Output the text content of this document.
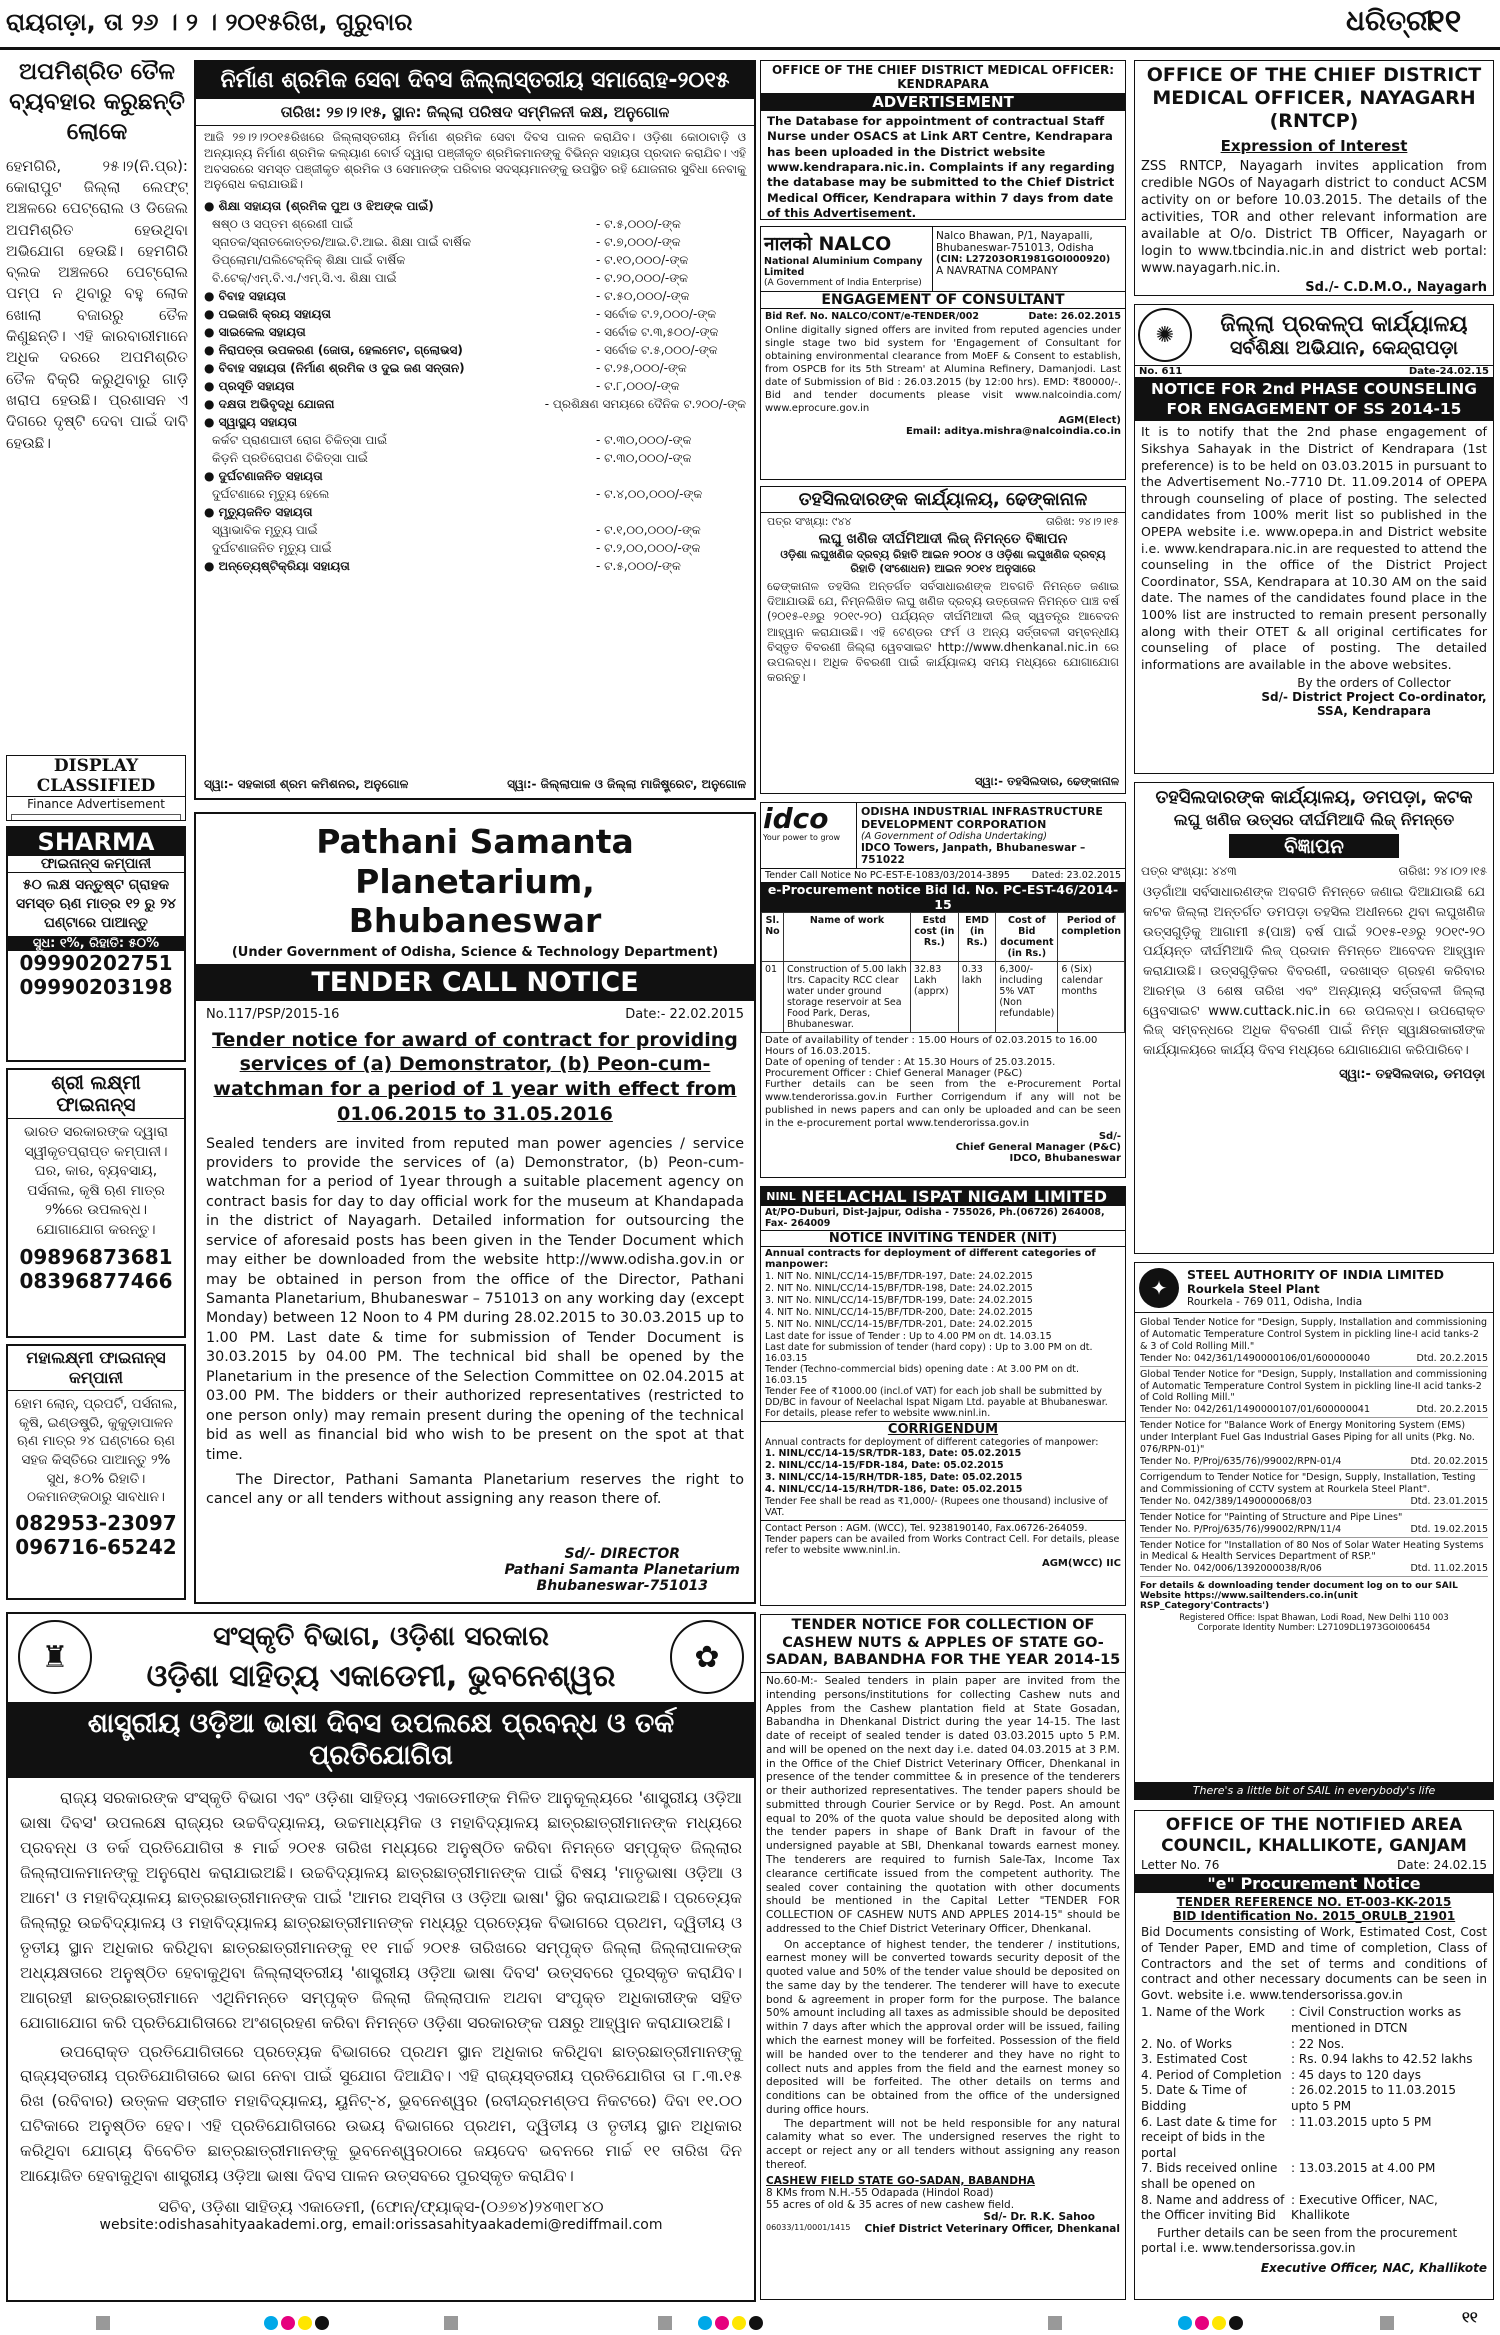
ରାୟଗଡ଼ା, ତା ୨୬ । ୨ । ୨୦୧୫ରିଖ, ଗୁରୁବାର	ଧରିତ୍ରୀ
୧୧
ଅପମିଶ୍ରିତ ତୈଳ ବ୍ୟବହାର କରୁଛନ୍ତି ଲୋକେ
ହେମଗିରି, ୨୫।୨(ନି.ପ୍ର): କୋରାପୁଟ ଜିଲ୍ଲା ଲେଫ୍ଟ୍ ଅଞ୍ଚଳରେ ପେଟ୍ରୋଲ ଓ ଡିଜେଲ ଅପମିଶ୍ରିତ ହେଉଥିବା ଅଭିଯୋଗ ହେଉଛି। ହେମଗିରି ବ୍ଲକ ଅଞ୍ଚଳରେ ପେଟ୍ରୋଲ ପମ୍ପ ନ ଥିବାରୁ ବହୁ ଲୋକ ଖୋଲା ବଜାରରୁ ତୈଳ କିଣୁଛନ୍ତି। ଏହି କାରବାରୀମାନେ ଅଧିକ ଦରରେ ଅପମିଶ୍ରିତ ତୈଳ ବିକ୍ରି କରୁଥିବାରୁ ଗାଡ଼ି ଖରାପ ହେଉଛି। ପ୍ରଶାସନ ଏ ଦିଗରେ ଦୃଷ୍ଟି ଦେବା ପାଇଁ ଦାବି ହେଉଛି।
DISPLAY CLASSIFIED
Finance Advertisement
SHARMA
ଫାଇନାନ୍ସ କମ୍ପାନୀ
୫୦ ଲକ୍ଷ ସନ୍ତୁଷ୍ଟ ଗ୍ରାହକ ସମସ୍ତ ଋଣ ମାତ୍ର ୧୨ ରୁ ୨୪ ଘଣ୍ଟାରେ ପାଆନ୍ତୁ
ସୁଧ: ୧%, ରିହାତି: ୫୦%
09990202751
09990203198
ଶ୍ରୀ ଲକ୍ଷ୍ମୀ ଫାଇନାନ୍ସ
ଭାରତ ସରକାରଙ୍କ ଦ୍ୱାରା ସ୍ୱୀକୃତପ୍ରାପ୍ତ କମ୍ପାନୀ। ଘର, କାର, ବ୍ୟବସାୟ, ପର୍ସନାଲ, କୃଷି ଋଣ ମାତ୍ର ୨%ରେ ଉପଲବ୍ଧ। ଯୋଗାଯୋଗ କରନ୍ତୁ।
09896873681
08396877466
ମହାଲକ୍ଷ୍ମୀ ଫାଇନାନ୍ସ କମ୍ପାନୀ
ହୋମ ଲୋନ୍, ପ୍ରପର୍ଟି, ପର୍ସନାଲ, କୃଷି, ଇଣ୍ଡଷ୍ଟ୍ରି, କୁକୁଡ଼ାପାଳନ ଋଣ ମାତ୍ର ୨୪ ଘଣ୍ଟାରେ ଋଣ ସହଜ କିସ୍ତିରେ ପାଆନ୍ତୁ ୨% ସୁଧ, ୫୦% ରିହାତି। ଠକମାନଙ୍କଠାରୁ ସାବଧାନ।
082953-23097
096716-65242
ନିର୍ମାଣ ଶ୍ରମିକ ସେବା ଦିବସ ଜିଲ୍ଲାସ୍ତରୀୟ ସମାରୋହ-୨୦୧୫
ତାରିଖ: ୨୭।୨।୧୫, ସ୍ଥାନ: ଜିଲ୍ଲା ପରିଷଦ ସମ୍ମିଳନୀ କକ୍ଷ, ଅନୁଗୋଳ
ଆଜି ୨୭।୨।୨୦୧୫ରିଖରେ ଜିଲ୍ଲାସ୍ତରୀୟ ନିର୍ମାଣ ଶ୍ରମିକ ସେବା ଦିବସ ପାଳନ କରାଯିବ। ଓଡ଼ିଶା କୋଠାବାଡ଼ି ଓ ଅନ୍ୟାନ୍ୟ ନିର୍ମାଣ ଶ୍ରମିକ କଲ୍ୟାଣ ବୋର୍ଡ ଦ୍ୱାରା ପଞ୍ଜୀକୃତ ଶ୍ରମିକମାନଙ୍କୁ ବିଭିନ୍ନ ସହାୟତା ପ୍ରଦାନ କରାଯିବ। ଏହି ଅବସରରେ ସମସ୍ତ ପଞ୍ଜୀକୃତ ଶ୍ରମିକ ଓ ସେମାନଙ୍କ ପରିବାର ସଦସ୍ୟମାନଙ୍କୁ ଉପସ୍ଥିତ ରହି ଯୋଜନାର ସୁବିଧା ନେବାକୁ ଅନୁରୋଧ କରାଯାଉଛି।
● ଶିକ୍ଷା ସହାୟତା (ଶ୍ରମିକ ପୁଅ ଓ ଝିଅଙ୍କ ପାଇଁ)
ଷଷ୍ଠ ଓ ସପ୍ତମ ଶ୍ରେଣୀ ପାଇଁ	- ଟ.୫,୦୦୦/-ଙ୍କ
ସ୍ନାତକ/ସ୍ନାତକୋତ୍ତର/ଆଇ.ଟି.ଆଇ. ଶିକ୍ଷା ପାଇଁ ବାର୍ଷିକ	- ଟ.୭,୦୦୦/-ଙ୍କ
ଡିପ୍ଲୋମା/ପଲିଟେକ୍ନିକ୍ ଶିକ୍ଷା ପାଇଁ ବାର୍ଷିକ	- ଟ.୧୦,୦୦୦/-ଙ୍କ
ବି.ଟେକ୍/ଏମ୍.ବି.ଏ./ଏମ୍.ସି.ଏ. ଶିକ୍ଷା ପାଇଁ	- ଟ.୨୦,୦୦୦/-ଙ୍କ
● ବିବାହ ସହାୟତା	- ଟ.୫୦,୦୦୦/-ଙ୍କ
● ପଇଜାରି କ୍ରୟ ସହାୟତା	- ସର୍ବୋଚ୍ଚ ଟ.୨,୦୦୦/-ଙ୍କ
● ସାଇକେଲ ସହାୟତା	- ସର୍ବୋଚ୍ଚ ଟ.୩,୫୦୦/-ଙ୍କ
● ନିରାପତ୍ତା ଉପକରଣ (ଜୋତା, ହେଲମେଟ, ଗ୍ଲୋଭସ)	- ସର୍ବୋଚ୍ଚ ଟ.୫,୦୦୦/-ଙ୍କ
● ବିବାହ ସହାୟତା (ନିର୍ମାଣ ଶ୍ରମିକ ଓ ଦୁଇ ଜଣ ସନ୍ତାନ)	- ଟ.୨୫,୦୦୦/-ଙ୍କ
● ପ୍ରସୂତି ସହାୟତା	- ଟ.୮,୦୦୦/-ଙ୍କ
● ଦକ୍ଷତା ଅଭିବୃଦ୍ଧି ଯୋଜନା	- ପ୍ରଶିକ୍ଷଣ ସମୟରେ ଦୈନିକ ଟ.୨୦୦/-ଙ୍କ
● ସ୍ୱାସ୍ଥ୍ୟ ସହାୟତା
କର୍କଟ ପ୍ରାଣଘାତୀ ରୋଗ ଚିକିତ୍ସା ପାଇଁ	- ଟ.୩୦,୦୦୦/-ଙ୍କ
କିଡ଼ନି ପ୍ରତିରୋପଣ ଚିକିତ୍ସା ପାଇଁ	- ଟ.୩୦,୦୦୦/-ଙ୍କ
● ଦୁର୍ଘଟଣାଜନିତ ସହାୟତା
ଦୁର୍ଘଟଣାରେ ମୃତ୍ୟୁ ହେଲେ	- ଟ.୪,୦୦,୦୦୦/-ଙ୍କ
● ମୃତ୍ୟୁଜନିତ ସହାୟତା
ସ୍ୱାଭାବିକ ମୃତ୍ୟୁ ପାଇଁ	- ଟ.୧,୦୦,୦୦୦/-ଙ୍କ
ଦୁର୍ଘଟଣାଜନିତ ମୃତ୍ୟୁ ପାଇଁ	- ଟ.୨,୦୦,୦୦୦/-ଙ୍କ
● ଅନ୍ତ୍ୟେଷ୍ଟିକ୍ରିୟା ସହାୟତା	- ଟ.୫,୦୦୦/-ଙ୍କ
ସ୍ୱା:- ସହକାରୀ ଶ୍ରମ କମିଶନର, ଅନୁଗୋଳ	ସ୍ୱା:- ଜିଲ୍ଲାପାଳ ଓ ଜିଲ୍ଲା ମାଜିଷ୍ଟ୍ରେଟ, ଅନୁଗୋଳ
Pathani Samanta Planetarium,
Bhubaneswar
(Under Government of Odisha, Science & Technology Department)
TENDER CALL NOTICE
No.117/PSP/2015-16	Date:- 22.02.2015
Tender notice for award of contract for providing services of (a) Demonstrator, (b) Peon-cum-watchman for a period of 1 year with effect from 01.06.2015 to 31.05.2016
Sealed tenders are invited from reputed man power agencies / service providers to provide the services of (a) Demonstrator, (b) Peon-cum-watchman for a period of 1year through a suitable placement agency on contract basis for day to day official work for the museum at Khandapada in the district of Nayagarh. Detailed information for outsourcing the service of aforesaid posts has been given in the Tender Document which may either be downloaded from the website http://www.odisha.gov.in or may be obtained in person from the office of the Director, Pathani Samanta Planetarium, Bhubaneswar – 751013 on any working day (except Monday) between 12 Noon to 4 PM during 28.02.2015 to 30.03.2015 up to 1.00 PM. Last date & time for submission of Tender Document is 30.03.2015 by 04.00 PM. The technical bid shall be opened by the Planetarium in the presence of the Selection Committee on 02.04.2015 at 03.00 PM. The bidders or their authorized representatives (restricted to one person only) may remain present during the opening of the technical bid as well as financial bid who wish to be present on the spot at that time.
The Director, Pathani Samanta Planetarium reserves the right to cancel any or all tenders without assigning any reason there of.
Sd/- DIRECTOR
Pathani Samanta Planetarium
Bhubaneswar-751013
OFFICE OF THE CHIEF DISTRICT MEDICAL OFFICER: KENDRAPARA
ADVERTISEMENT
The Database for appointment of contractual Staff Nurse under OSACS at Link ART Centre, Kendrapara has been uploaded in the District website www.kendrapara.nic.in. Complaints if any regarding the database may be submitted to the Chief District Medical Officer, Kendrapara within 7 days from date of this Advertisement.
नालको NALCO
National Aluminium Company Limited
(A Government of India Enterprise)
Nalco Bhawan, P/1, Nayapalli, Bhubaneswar-751013, Odisha
(CIN: L27203OR1981GOI000920)
A NAVRATNA COMPANY
ENGAGEMENT OF CONSULTANT
Bid Ref. No. NALCO/CONT/e-TENDER/002	Date: 26.02.2015
Online digitally signed offers are invited from reputed agencies under single stage two bid system for 'Engagement of Consultant for obtaining environmental clearance from MoEF & Consent to establish, from OSPCB for its 5th Stream' at Alumina Refinery, Damanjodi. Last date of Submission of Bid : 26.03.2015 (by 12:00 hrs). EMD: ₹80000/-. Bid and tender documents please visit www.nalcoindia.com/ www.eprocure.gov.in
AGM(Elect)
Email: aditya.mishra@nalcoindia.co.in
ତହସିଲଦାରଙ୍କ କାର୍ଯ୍ୟାଳୟ, ଢେଙ୍କାନାଳ
ପତ୍ର ସଂଖ୍ୟା: ୯୪୪	ତାରିଖ: ୨୪।୨।୧୫
ଲଘୁ ଖଣିଜ ଦୀର୍ଘମିଆଦୀ ଲିଜ୍ ନିମନ୍ତେ ବିଜ୍ଞାପନ
ଓଡ଼ିଶା ଲଘୁଖଣିଜ ଦ୍ରବ୍ୟ ରିହାତି ଆଇନ ୨୦୦୪ ଓ ଓଡ଼ିଶା ଲଘୁଖଣିଜ ଦ୍ରବ୍ୟ ରିହାତି (ସଂଶୋଧନ) ଆଇନ ୨୦୧୪ ଅନୁସାରେ
ଢେଙ୍କାନାଳ ତହସିଲ ଅନ୍ତର୍ଗତ ସର୍ବସାଧାରଣଙ୍କ ଅବଗତି ନିମନ୍ତେ ଜଣାଇ ଦିଆଯାଉଛି ଯେ, ନିମ୍ନଲିଖିତ ଲଘୁ ଖଣିଜ ଦ୍ରବ୍ୟ ଉତ୍ତୋଳନ ନିମନ୍ତେ ପାଞ୍ଚ ବର୍ଷ (୨୦୧୫-୧୬ରୁ ୨୦୧୯-୨୦) ପର୍ଯ୍ୟନ୍ତ ଦୀର୍ଘମିଆଦୀ ଲିଜ୍ ସ୍ୱତନ୍ତ୍ର ଆବେଦନ ଆହ୍ୱାନ କରାଯାଉଛି। ଏହି ଟେଣ୍ଡର ଫର୍ମ ଓ ଅନ୍ୟ ସର୍ତ୍ତାବଳୀ ସମ୍ବନ୍ଧୀୟ ବିସ୍ତୃତ ବିବରଣୀ ଜିଲ୍ଲା ୱେବସାଇଟ http://www.dhenkanal.nic.in ରେ ଉପଲବ୍ଧ। ଅଧିକ ବିବରଣୀ ପାଇଁ କାର୍ଯ୍ୟାଳୟ ସମୟ ମଧ୍ୟରେ ଯୋଗାଯୋଗ କରନ୍ତୁ।
ସ୍ୱା:- ତହସିଲଦାର, ଢେଙ୍କାନାଳ
idco
Your power to grow
ODISHA INDUSTRIAL INFRASTRUCTURE DEVELOPMENT CORPORATION
(A Government of Odisha Undertaking)
IDCO Towers, Janpath, Bhubaneswar – 751022
Tender Call Notice No PC-EST-E-1083/03/2014-3895 Dated: 23.02.2015
e-Procurement notice Bid Id. No. PC-EST-46/2014-15
Sl. No	Name of work	Estd cost (in Rs.)	EMD (in Rs.)	Cost of Bid document (in Rs.)	Period of completion
01	Construction of 5.00 lakh ltrs. Capacity RCC clear water under ground storage reservoir at Sea Food Park, Deras, Bhubaneswar.	32.83 Lakh (apprx)	0.33 lakh	6,300/- including 5% VAT (Non refundable)	6 (Six) calendar months
Date of availability of tender : 15.00 Hours of 02.03.2015 to 16.00 Hours of 16.03.2015.
Date of opening of tender : At 15.30 Hours of 25.03.2015.
Procurement Officer : Chief General Manager (P&C)
Further details can be seen from the e-Procurement Portal www.tenderorissa.gov.in Further Corrigendum if any will not be published in news papers and can only be uploaded and can be seen in the e-procurement portal www.tenderorissa.gov.in
Sd/-
Chief General Manager (P&C)
IDCO, Bhubaneswar
NINL NEELACHAL ISPAT NIGAM LIMITED
At/PO-Duburi, Dist-Jajpur, Odisha - 755026, Ph.(06726) 264008, Fax- 264009
NOTICE INVITING TENDER (NIT)
Annual contracts for deployment of different categories of manpower:
1. NIT No. NINL/CC/14-15/BF/TDR-197, Date: 24.02.2015
2. NIT No. NINL/CC/14-15/BF/TDR-198, Date: 24.02.2015
3. NIT No. NINL/CC/14-15/BF/TDR-199, Date: 24.02.2015
4. NIT No. NINL/CC/14-15/BF/TDR-200, Date: 24.02.2015
5. NIT No. NINL/CC/14-15/BF/TDR-201, Date: 24.02.2015
Last date for issue of Tender : Up to 4.00 PM on dt. 14.03.15
Last date for submission of tender (hard copy) : Up to 3.00 PM on dt. 16.03.15
Tender (Techno-commercial bids) opening date : At 3.00 PM on dt. 16.03.15
Tender Fee of ₹1000.00 (incl.of VAT) for each job shall be submitted by DD/BC in favour of Neelachal Ispat Nigam Ltd. payable at Bhubaneswar. For details, please refer to website www.ninl.in.
CORRIGENDUM
Annual contracts for deployment of different categories of manpower:
1. NINL/CC/14-15/SR/TDR-183, Date: 05.02.2015
2. NINL/CC/14-15/FDR-184, Date: 05.02.2015
3. NINL/CC/14-15/RH/TDR-185, Date: 05.02.2015
4. NINL/CC/14-15/RH/TDR-186, Date: 05.02.2015
Tender Fee shall be read as ₹1,000/- (Rupees one thousand) inclusive of VAT.
Contact Person : AGM. (WCC), Tel. 9238190140, Fax.06726-264059. Tender papers can be availed from Works Contract Cell. For details, please refer to website www.ninl.in.
AGM(WCC) IIC
TENDER NOTICE FOR COLLECTION OF CASHEW NUTS & APPLES OF STATE GO-SADAN, BABANDHA FOR THE YEAR 2014-15
No.60-M:- Sealed tenders in plain paper are invited from the intending persons/institutions for collecting Cashew nuts and Apples from the Cashew plantation field at State Gosadan, Babandha in Dhenkanal District during the year 14-15. The last date of receipt of sealed tender is dated 03.03.2015 upto 5 P.M. and will be opened on the next day i.e. dated 04.03.2015 at 3 P.M. in the Office of the Chief District Veterinary Officer, Dhenkanal in presence of the tender committee & in presence of the tenderers or their authorized representatives. The tender papers should be submitted through Courier Service or by Regd. Post. An amount equal to 20% of the quota value should be deposited along with the tender papers in shape of Bank Draft in favour of the undersigned payable at SBI, Dhenkanal towards earnest money. The tenderers are required to furnish Sale-Tax, Income Tax clearance certificate issued from the competent authority. The sealed cover containing the quotation with other documents should be mentioned in the Capital Letter "TENDER FOR COLLECTION OF CASHEW NUTS AND APPLES 2014-15" should be addressed to the Chief District Veterinary Officer, Dhenkanal.
On acceptance of highest tender, the tenderer / institutions, earnest money will be converted towards security deposit of the quoted value and 50% of the tender value should be deposited on the same day by the tenderer. The tenderer will have to execute bond & agreement in proper form for the purpose. The balance 50% amount including all taxes as admissible should be deposited within 7 days after which the approval order will be issued, failing which the earnest money will be forfeited. Possession of the field will be handed over to the tenderer and they have no right to collect nuts and apples from the field and the earnest money so deposited will be forfeited. The other details on terms and conditions can be obtained from the office of the undersigned during office hours.
The department will not be held responsible for any natural calamity what so ever. The undersigned reserves the right to accept or reject any or all tenders without assigning any reason thereof.
CASHEW FIELD STATE GO-SADAN, BABANDHA
8 KMs from N.H.-55 Odapada (Hindol Road)
55 acres of old & 35 acres of new cashew field.
Sd/- Dr. R.K. Sahoo
06033/11/0001/1415 Chief District Veterinary Officer, Dhenkanal
OFFICE OF THE CHIEF DISTRICT MEDICAL OFFICER, NAYAGARH (RNTCP)
Expression of Interest
ZSS RNTCP, Nayagarh invites application from credible NGOs of Nayagarh district to conduct ACSM activity on or before 10.03.2015. The details of the activities, TOR and other relevant information are available at O/o. District TB Officer, Nayagarh or login to www.tbcindia.nic.in and district web portal: www.nayagarh.nic.in.
Sd./- C.D.M.O., Nayagarh
✺	ଜିଲ୍ଲା ପ୍ରକଳ୍ପ କାର୍ଯ୍ୟାଳୟ
ସର୍ବଶିକ୍ଷା ଅଭିଯାନ, କେନ୍ଦ୍ରାପଡ଼ା
No. 611	Date-24.02.15
NOTICE FOR 2nd PHASE COUNSELING FOR ENGAGEMENT OF SS 2014-15
It is to notify that the 2nd phase engagement of Sikshya Sahayak in the District of Kendrapara (1st preference) is to be held on 03.03.2015 in pursuant to the Advertisement No.-7710 Dt. 11.09.2014 of OPEPA through counseling of place of posting. The selected candidates from 100% merit list so published in the OPEPA website i.e. www.opepa.in and District website i.e. www.kendrapara.nic.in are requested to attend the counseling in the office of the District Project Coordinator, SSA, Kendrapara at 10.30 AM on the said date. The names of the candidates found place in the 100% list are instructed to remain present personally along with their OTET & all original certificates for counseling of place of posting. The detailed informations are available in the above websites.
By the orders of Collector
Sd/- District Project Co-ordinator,
SSA, Kendrapara
ତହସିଲଦାରଙ୍କ କାର୍ଯ୍ୟାଳୟ, ଡମପଡ଼ା, କଟକ
ଲଘୁ ଖଣିଜ ଉତ୍ସର ଦୀର୍ଘମିଆଦି ଲିଜ୍ ନିମନ୍ତେ
ବିଜ୍ଞାପନ
ପତ୍ର ସଂଖ୍ୟା: ୪୪୩	ତାରିଖ: ୨୪।୦୨।୧୫
ଓଡ଼ଗାଁଆ ସର୍ବସାଧାରଣଙ୍କ ଅବଗତି ନିମନ୍ତେ ଜଣାଇ ଦିଆଯାଉଛି ଯେ କଟକ ଜିଲ୍ଲା ଅନ୍ତର୍ଗତ ଡମପଡ଼ା ତହସିଲ ଅଧୀନରେ ଥିବା ଲଘୁଖଣିଜ ଉତ୍ସଗୁଡ଼ିକୁ ଆଗାମୀ ୫(ପାଞ୍ଚ) ବର୍ଷ ପାଇଁ ୨୦୧୫-୧୬ରୁ ୨୦୧୯-୨୦ ପର୍ଯ୍ୟନ୍ତ ଦୀର୍ଘମିଆଦି ଲିଜ୍ ପ୍ରଦାନ ନିମନ୍ତେ ଆବେଦନ ଆହ୍ୱାନ କରାଯାଉଛି। ଉତ୍ସଗୁଡ଼ିକର ବିବରଣୀ, ଦରଖାସ୍ତ ଗ୍ରହଣ କରିବାର ଆରମ୍ଭ ଓ ଶେଷ ତାରିଖ ଏବଂ ଅନ୍ୟାନ୍ୟ ସର୍ତ୍ତାବଳୀ ଜିଲ୍ଲା ୱେବସାଇଟ www.cuttack.nic.in ରେ ଉପଲବ୍ଧ। ଉପରୋକ୍ତ ଲିଜ୍ ସମ୍ବନ୍ଧରେ ଅଧିକ ବିବରଣୀ ପାଇଁ ନିମ୍ନ ସ୍ୱାକ୍ଷରକାରୀଙ୍କ କାର୍ଯ୍ୟାଳୟରେ କାର୍ଯ୍ୟ ଦିବସ ମଧ୍ୟରେ ଯୋଗାଯୋଗ କରିପାରିବେ।
ସ୍ୱା:- ତହସିଲଦାର, ଡମପଡ଼ା
✦
STEEL AUTHORITY OF INDIA LIMITED
Rourkela Steel Plant
Rourkela - 769 011, Odisha, India
Global Tender Notice for "Design, Supply, Installation and commissioning of Automatic Temperature Control System in pickling line-I acid tanks-2 & 3 of Cold Rolling Mill."
Tender No: 042/361/1490000106/01/600000040	Dtd. 20.2.2015
Global Tender Notice for "Design, Supply, Installation and commissioning of Automatic Temperature Control System in pickling line-II acid tanks-2 of Cold Rolling Mill."
Tender No: 042/261/1490000107/01/600000041	Dtd. 20.2.2015
Tender Notice for "Balance Work of Energy Monitoring System (EMS) under Interplant Fuel Gas Industrial Gases Piping for all units (Pkg. No. 076/RPN-01)"
Tender No. P/Proj/635/76)/99002/RPN-01/4	Dtd. 20.02.2015
Corrigendum to Tender Notice for "Design, Supply, Installation, Testing and Commissioning of CCTV system at Rourkela Steel Plant".
Tender No. 042/389/1490000068/03	Dtd. 23.01.2015
Tender Notice for "Painting of Structure and Pipe Lines"
Tender No. P/Proj/635/76)/99002/RPN/11/4	Dtd. 19.02.2015
Tender Notice for "Installation of 80 Nos of Solar Water Heating Systems in Medical & Health Services Department of RSP."
Tender No. 042/006/1392000038/R/06	Dtd. 11.02.2015
For details & downloading tender document log on to our SAIL Website https://www.sailtenders.co.in(unit RSP_Category'Contracts')
Registered Office: Ispat Bhawan, Lodi Road, New Delhi 110 003
Corporate Identity Number: L27109DL1973GOI006454
There's a little bit of SAIL in everybody's life
OFFICE OF THE NOTIFIED AREA COUNCIL, KHALLIKOTE, GANJAM
Letter No. 76	Date: 24.02.15
"e" Procurement Notice
TENDER REFERENCE NO. ET-003-KK-2015
BID Identification No. 2015_ORULB_21901
Bid Documents consisting of Work, Estimated Cost, Cost of Tender Paper, EMD and time of completion, Class of Contractors and the set of terms and conditions of contract and other necessary documents can be seen in Govt. website i.e. www.tendersorissa.gov.in
1. Name of the Work	: Civil Construction works as mentioned in DTCN
2. No. of Works	: 22 Nos.
3. Estimated Cost	: Rs. 0.94 lakhs to 42.52 lakhs
4. Period of Completion : 45 days to 120 days
5. Date & Time of Bidding
: 26.02.2015 to 11.03.2015 upto 5 PM
6. Last date & time for receipt of bids in the portal
: 11.03.2015 upto 5 PM
7. Bids received online shall be opened on
: 13.03.2015 at 4.00 PM
8. Name and address of the Officer inviting Bid
: Executive Officer, NAC, Khallikote
Further details can be seen from the procurement portal i.e. www.tendersorissa.gov.in
Executive Officer, NAC, Khallikote
♜
ସଂସ୍କୃତି ବିଭାଗ, ଓଡ଼ିଶା ସରକାର
ଓଡ଼ିଶା ସାହିତ୍ୟ ଏକାଡେମୀ, ଭୁବନେଶ୍ୱର
✿
ଶାସ୍ତ୍ରୀୟ ଓଡ଼ିଆ ଭାଷା ଦିବସ ଉପଲକ୍ଷେ ପ୍ରବନ୍ଧ ଓ ତର୍କ ପ୍ରତିଯୋଗିତା
ରାଜ୍ୟ ସରକାରଙ୍କ ସଂସ୍କୃତି ବିଭାଗ ଏବଂ ଓଡ଼ିଶା ସାହିତ୍ୟ ଏକାଡେମୀଙ୍କ ମିଳିତ ଆନୁକୂଲ୍ୟରେ 'ଶାସ୍ତ୍ରୀୟ ଓଡ଼ିଆ ଭାଷା ଦିବସ' ଉପଲକ୍ଷେ ରାଜ୍ୟର ଉଚ୍ଚବିଦ୍ୟାଳୟ, ଉଚ୍ଚମାଧ୍ୟମିକ ଓ ମହାବିଦ୍ୟାଳୟ ଛାତ୍ରଛାତ୍ରୀମାନଙ୍କ ମଧ୍ୟରେ ପ୍ରବନ୍ଧ ଓ ତର୍କ ପ୍ରତିଯୋଗିତା ୫ ମାର୍ଚ୍ଚ ୨୦୧୫ ତାରିଖ ମଧ୍ୟରେ ଅନୁଷ୍ଠିତ କରିବା ନିମନ୍ତେ ସମ୍ପୃକ୍ତ ଜିଲ୍ଲାର ଜିଲ୍ଲାପାଳମାନଙ୍କୁ ଅନୁରୋଧ କରାଯାଇଅଛି। ଉଚ୍ଚବିଦ୍ୟାଳୟ ଛାତ୍ରଛାତ୍ରୀମାନଙ୍କ ପାଇଁ ବିଷୟ 'ମାତୃଭାଷା ଓଡ଼ିଆ ଓ ଆମେ' ଓ ମହାବିଦ୍ୟାଳୟ ଛାତ୍ରଛାତ୍ରୀମାନଙ୍କ ପାଇଁ 'ଆମର ଅସ୍ମିତା ଓ ଓଡ଼ିଆ ଭାଷା' ସ୍ଥିର କରାଯାଇଅଛି। ପ୍ରତ୍ୟେକ ଜିଲ୍ଲାରୁ ଉଚ୍ଚବିଦ୍ୟାଳୟ ଓ ମହାବିଦ୍ୟାଳୟ ଛାତ୍ରଛାତ୍ରୀମାନଙ୍କ ମଧ୍ୟରୁ ପ୍ରତ୍ୟେକ ବିଭାଗରେ ପ୍ରଥମ, ଦ୍ୱିତୀୟ ଓ ତୃତୀୟ ସ୍ଥାନ ଅଧିକାର କରିଥିବା ଛାତ୍ରଛାତ୍ରୀମାନଙ୍କୁ ୧୧ ମାର୍ଚ୍ଚ ୨୦୧୫ ତାରିଖରେ ସମ୍ପୃକ୍ତ ଜିଲ୍ଲା ଜିଲ୍ଲାପାଳଙ୍କ ଅଧ୍ୟକ୍ଷତାରେ ଅନୁଷ୍ଠିତ ହେବାକୁଥିବା ଜିଲ୍ଲାସ୍ତରୀୟ 'ଶାସ୍ତ୍ରୀୟ ଓଡ଼ିଆ ଭାଷା ଦିବସ' ଉତ୍ସବରେ ପୁରସ୍କୃତ କରାଯିବ। ଆଗ୍ରହୀ ଛାତ୍ରଛାତ୍ରୀମାନେ ଏଥିନିମନ୍ତେ ସମ୍ପୃକ୍ତ ଜିଲ୍ଲା ଜିଲ୍ଲାପାଳ ଅଥବା ସଂପୃକ୍ତ ଅଧିକାରୀଙ୍କ ସହିତ ଯୋଗାଯୋଗ କରି ପ୍ରତିଯୋଗିତାରେ ଅଂଶଗ୍ରହଣ କରିବା ନିମନ୍ତେ ଓଡ଼ିଶା ସରକାରଙ୍କ ପକ୍ଷରୁ ଆହ୍ୱାନ କରାଯାଉଅଛି।
ଉପରୋକ୍ତ ପ୍ରତିଯୋଗିତାରେ ପ୍ରତ୍ୟେକ ବିଭାଗରେ ପ୍ରଥମ ସ୍ଥାନ ଅଧିକାର କରିଥିବା ଛାତ୍ରଛାତ୍ରୀମାନଙ୍କୁ ରାଜ୍ୟସ୍ତରୀୟ ପ୍ରତିଯୋଗିତାରେ ଭାଗ ନେବା ପାଇଁ ସୁଯୋଗ ଦିଆଯିବ। ଏହି ରାଜ୍ୟସ୍ତରୀୟ ପ୍ରତିଯୋଗିତା ତା ୮.୩.୧୫ ରିଖ (ରବିବାର) ଉତ୍କଳ ସଙ୍ଗୀତ ମହାବିଦ୍ୟାଳୟ, ୟୁନିଟ୍-୪, ଭୁବନେଶ୍ୱର (ରବୀନ୍ଦ୍ରମଣ୍ଡପ ନିକଟରେ) ଦିବା ୧୧.୦୦ ଘଟିକାରେ ଅନୁଷ୍ଠିତ ହେବ। ଏହି ପ୍ରତିଯୋଗିତାରେ ଉଭୟ ବିଭାଗରେ ପ୍ରଥମ, ଦ୍ୱିତୀୟ ଓ ତୃତୀୟ ସ୍ଥାନ ଅଧିକାର କରିଥିବା ଯୋଗ୍ୟ ବିବେଚିତ ଛାତ୍ରଛାତ୍ରୀମାନଙ୍କୁ ଭୁବନେଶ୍ୱରଠାରେ ଜୟଦେବ ଭବନରେ ମାର୍ଚ୍ଚ ୧୧ ତାରିଖ ଦିନ ଆୟୋଜିତ ହେବାକୁଥିବା ଶାସ୍ତ୍ରୀୟ ଓଡ଼ିଆ ଭାଷା ଦିବସ ପାଳନ ଉତ୍ସବରେ ପୁରସ୍କୃତ କରାଯିବ।
ସଚିବ, ଓଡ଼ିଶା ସାହିତ୍ୟ ଏକାଡେମୀ, (ଫୋନ୍/ଫ୍ୟାକ୍ସ-(୦୬୭୪)୨୪୩୧୮୪୦
website:odishasahityaakademi.org, email:orissasahityaakademi@rediffmail.com
୧୧
